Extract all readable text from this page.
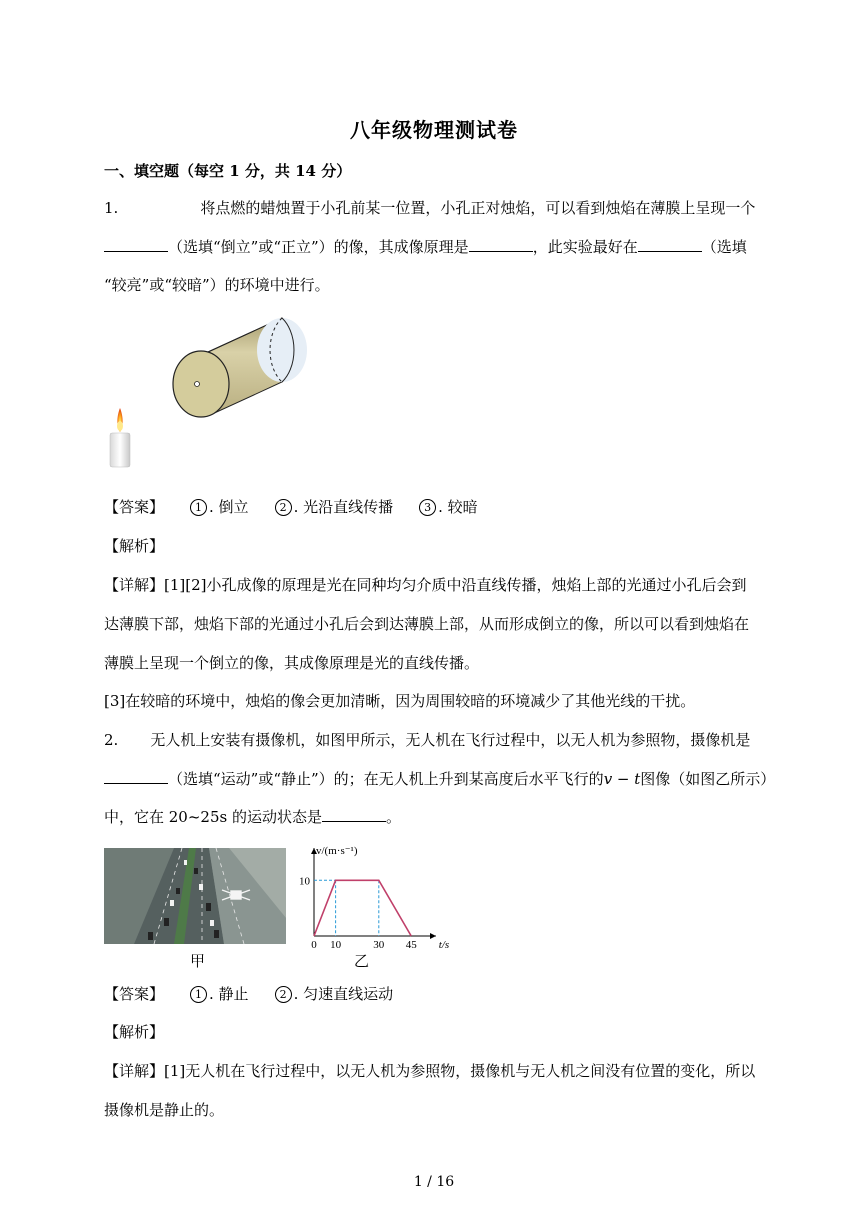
八年级物理测试卷
一、填空题（每空 1 分，共 14 分）
1.	将点燃的蜡烛置于小孔前某一位置，小孔正对烛焰，可以看到烛焰在薄膜上呈现一个
（选填“倒立”或“正立”）的像，其成像原理是	，此实验最好在	（选填
“较亮”或“较暗”）的环境中进行。
【答案】	1 . 倒立	2 . 光沿直线传播	3 . 较暗
【解析】
【详解】[1][2]小孔成像的原理是光在同种均匀介质中沿直线传播，烛焰上部的光通过小孔后会到
达薄膜下部，烛焰下部的光通过小孔后会到达薄膜上部，从而形成倒立的像，所以可以看到烛焰在
薄膜上呈现一个倒立的像，其成像原理是光的直线传播。
[3]在较暗的环境中，烛焰的像会更加清晰，因为周围较暗的环境减少了其他光线的干扰。
2. 无人机上安装有摄像机，如图甲所示，无人机在飞行过程中，以无人机为参照物，摄像机是
（选填“运动”或“静止”）的；在无人机上升到某高度后水平飞行的v − t图像（如图乙所示）
中，它在 20~25s 的运动状态是	。
甲
0 10	30 45
10
t/s
v/(m·s⁻¹)
乙
【答案】	1 . 静止	2 . 匀速直线运动
【解析】
【详解】[1]无人机在飞行过程中，以无人机为参照物，摄像机与无人机之间没有位置的变化，所以
摄像机是静止的。
1 / 16
